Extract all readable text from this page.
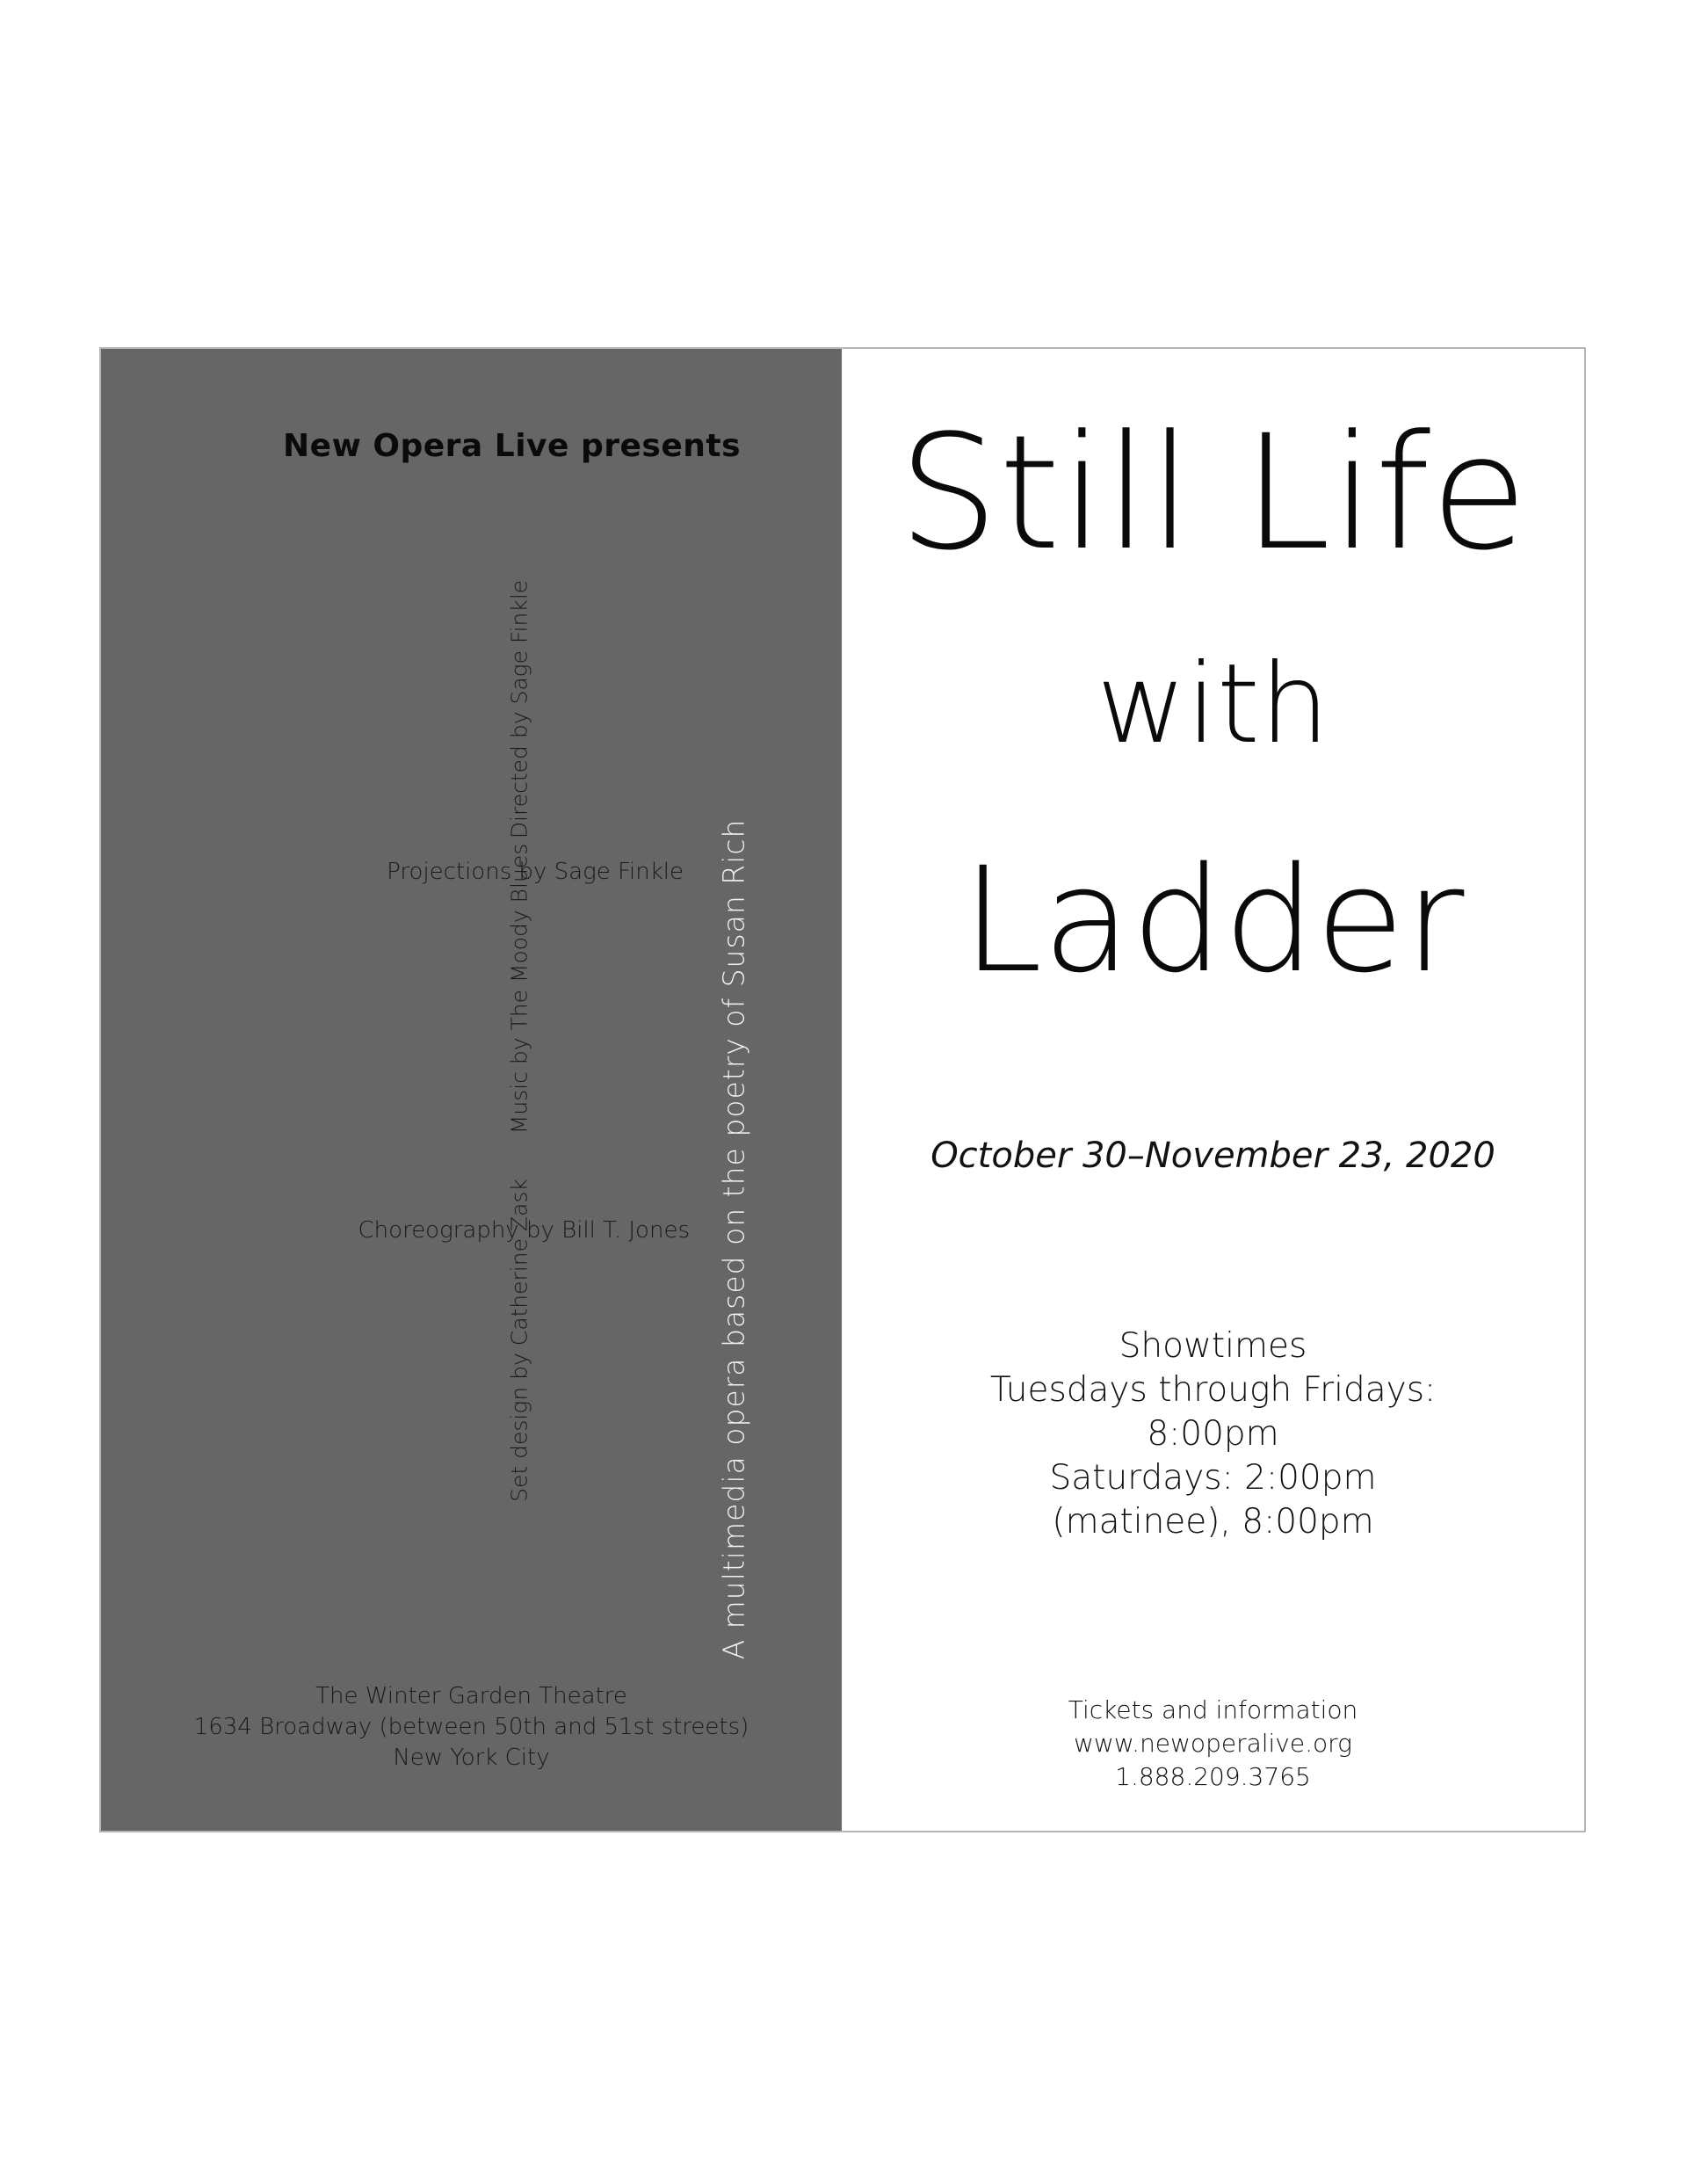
New Opera Live presents
Directed by Sage Finkle
Music by The Moody Blues
Set design by Catherine Zask
Projections by Sage Finkle
Choreography by Bill T. Jones A multimedia opera based on the poetry of Susan Rich
The Winter Garden Theatre
1634 Broadway (between 50th and 51st streets)
New York City
Still Life
with
Ladder
October 30–November 23, 2020
Showtimes
Tuesdays through Fridays:
8:00pm
Saturdays: 2:00pm
(matinee), 8:00pm
Tickets and information
www.newoperalive.org
1.888.209.3765
